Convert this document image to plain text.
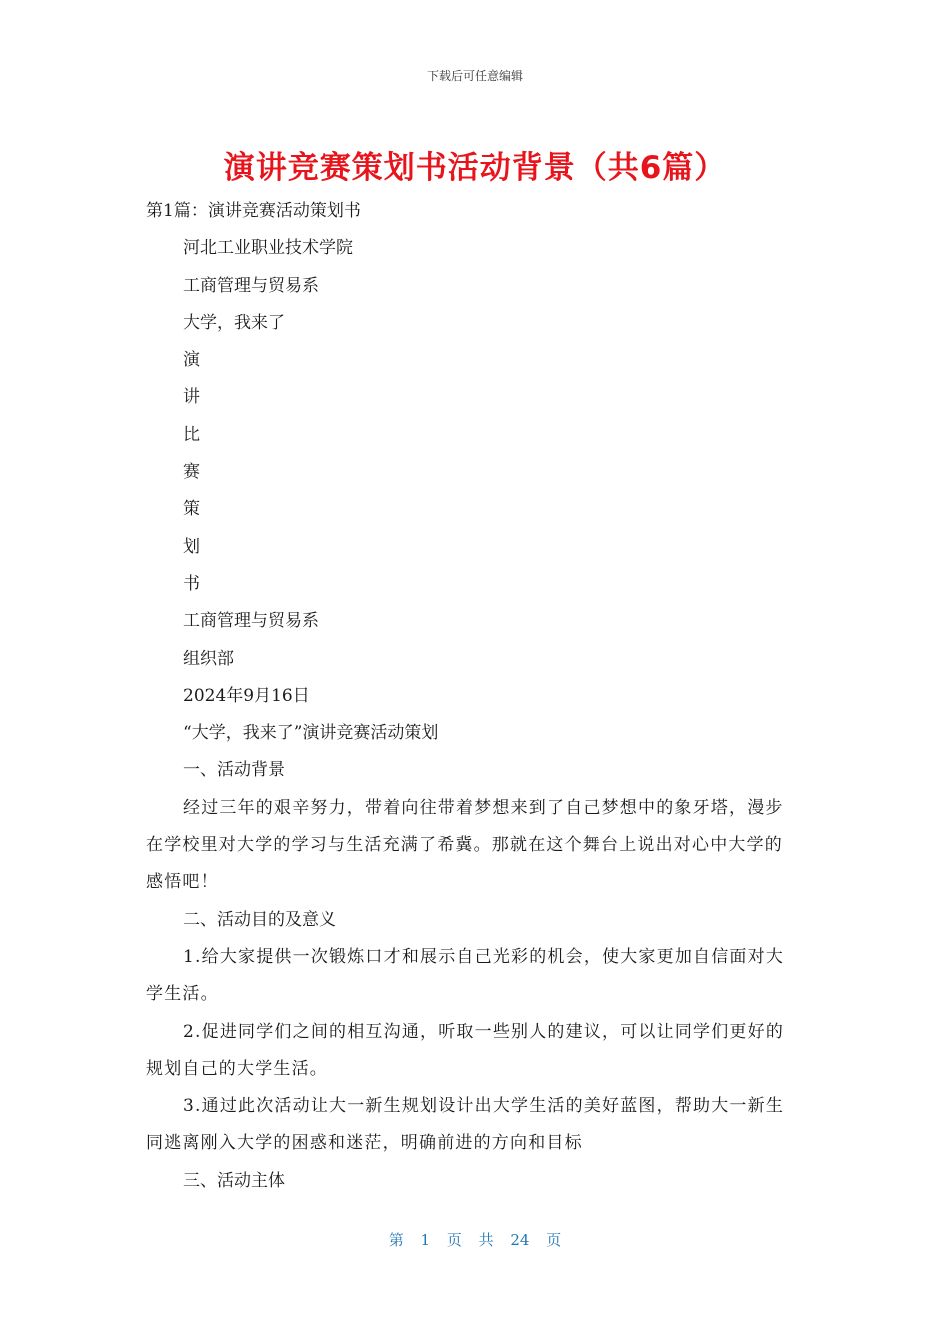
下载后可任意编辑
演讲竞赛策划书活动背景（共6篇）

第1篇：演讲竞赛活动策划书

河北工业职业技术学院

工商管理与贸易系

大学，我来了

演

讲

比

赛

策

划

书

工商管理与贸易系

组织部

2024年9月16日

“大学，我来了”演讲竞赛活动策划

一、活动背景

经过三年的艰辛努力，带着向往带着梦想来到了自己梦想中的象牙塔，漫步在学校里对大学的学习与生活充满了希冀。那就在这个舞台上说出对心中大学的感悟吧！

二、活动目的及意义

1.给大家提供一次锻炼口才和展示自己光彩的机会，使大家更加自信面对大学生活。

2.促进同学们之间的相互沟通，听取一些别人的建议，可以让同学们更好的规划自己的大学生活。

3.通过此次活动让大一新生规划设计出大学生活的美好蓝图，帮助大一新生同逃离刚入大学的困惑和迷茫，明确前进的方向和目标

三、活动主体

第 1 页 共 24 页
